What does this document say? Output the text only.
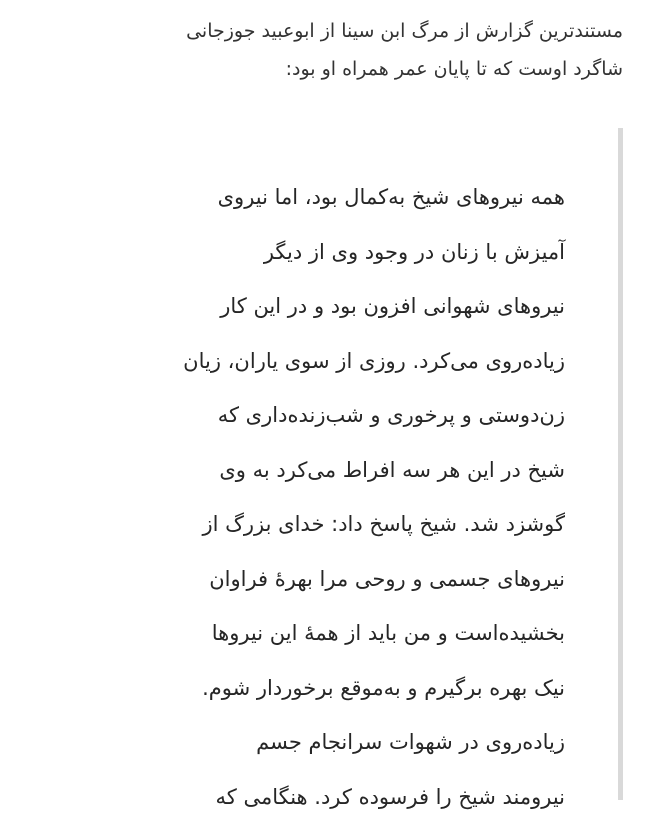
مستندترین گزارش از مرگ ابن سینا از ابوعبید جوزجانی
شاگرد اوست که تا پایان عمر همراه او بود:
همه نیروهای شیخ به‌کمال بود، اما نیروی
آمیزش با زنان در وجود وی از دیگر
نیروهای شهوانی افزون بود و در این کار
زیاده‌روی می‌کرد. روزی از سوی یاران، زیان
زن‌دوستی و پرخوری و شب‌زنده‌داری که
شیخ در این هر سه افراط می‌کرد به وی
گوشزد شد. شیخ پاسخ داد: خدای بزرگ از
نیروهای جسمی و روحی مرا بهرهٔ فراوان
بخشیده‌است و من باید از همهٔ این نیروها
نیک بهره برگیرم و به‌موقع برخوردار شوم.
زیاده‌روی در شهوات سرانجام جسم
نیرومند شیخ را فرسوده کرد. هنگامی که
